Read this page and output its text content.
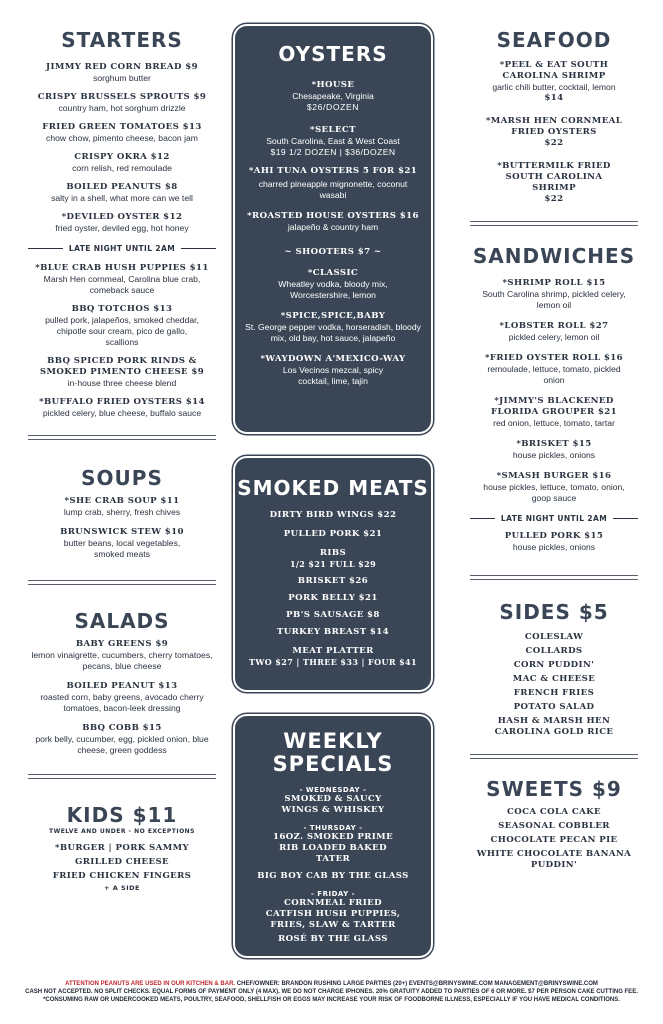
STARTERS
JIMMY RED CORN BREAD $9
sorghum butter
CRISPY BRUSSELS SPROUTS $9
country ham, hot sorghum drizzle
FRIED GREEN TOMATOES $13
chow chow, pimento cheese, bacon jam
CRISPY OKRA $12
corn relish, red remoulade
BOILED PEANUTS $8
salty in a shell, what more can we tell
*DEVILED OYSTER $12
fried oyster, deviled egg, hot honey
LATE NIGHT UNTIL 2AM
*BLUE CRAB HUSH PUPPIES $11
Marsh Hen cornmeal, Carolina blue crab, comeback sauce
BBQ TOTCHOS $13
pulled pork, jalapeños, smoked cheddar, chipotle sour cream, pico de gallo, scallions
BBQ SPICED PORK RINDS & SMOKED PIMENTO CHEESE $9
in-house three cheese blend
*BUFFALO FRIED OYSTERS $14
pickled celery, blue cheese, buffalo sauce
SOUPS
*SHE CRAB SOUP $11
lump crab, sherry, fresh chives
BRUNSWICK STEW $10
butter beans, local vegetables, smoked meats
SALADS
BABY GREENS $9
lemon vinaigrette, cucumbers, cherry tomatoes, pecans, blue cheese
BOILED PEANUT $13
roasted corn, baby greens, avocado cherry tomatoes, bacon-leek dressing
BBQ COBB $15
pork belly, cucumber, egg, pickled onion, blue cheese, green goddess
KIDS $11
TWELVE AND UNDER - NO EXCEPTIONS
*BURGER | PORK SAMMY
GRILLED CHEESE
FRIED CHICKEN FINGERS
+ A SIDE
OYSTERS
*HOUSE
Chesapeake, Virginia
$26/DOZEN
*SELECT
South Carolina, East & West Coast
$19 1/2 DOZEN | $36/DOZEN
*AHI TUNA OYSTERS 5 FOR $21
charred pineapple mignonette, coconut wasabi
*ROASTED HOUSE OYSTERS $16
jalapeño & country ham
~ SHOOTERS $7 ~
*CLASSIC
Wheatley vodka, bloody mix, Worcestershire, lemon
*SPICE,SPICE,BABY
St. George pepper vodka, horseradish, bloody mix, old bay, hot sauce, jalapeño
*WAYDOWN A'MEXICO-WAY
Los Vecinos mezcal, spicy cocktail, lime, tajin
SMOKED MEATS
DIRTY BIRD WINGS $22
PULLED PORK $21
RIBS
1/2 $21 FULL $29
BRISKET $26
PORK BELLY $21
PB'S SAUSAGE $8
TURKEY BREAST $14
MEAT PLATTER
TWO $27 | THREE $33 | FOUR $41
WEEKLY
SPECIALS
- WEDNESDAY -
SMOKED & SAUCY WINGS & WHISKEY
- THURSDAY -
16OZ. SMOKED PRIME RIB LOADED BAKED TATER
BIG BOY CAB BY THE GLASS
- FRIDAY -
CORNMEAL FRIED CATFISH HUSH PUPPIES, FRIES, SLAW & TARTER
ROSÉ BY THE GLASS
SEAFOOD
*PEEL & EAT SOUTH CAROLINA SHRIMP
garlic chili butter, cocktail, lemon
$14
*MARSH HEN CORNMEAL FRIED OYSTERS
$22
*BUTTERMILK FRIED SOUTH CAROLINA SHRIMP
$22
SANDWICHES
*SHRIMP ROLL $15
South Carolina shrimp, pickled celery, lemon oil
*LOBSTER ROLL $27
pickled celery, lemon oil
*FRIED OYSTER ROLL $16
remoulade, lettuce, tomato, pickled onion
*JIMMY'S BLACKENED FLORIDA GROUPER $21
red onion, lettuce, tomato, tartar
*BRISKET $15
house pickles, onions
*SMASH BURGER $16
house pickles, lettuce, tomato, onion, goop sauce
LATE NIGHT UNTIL 2AM
PULLED PORK $15
house pickles, onions
SIDES $5
COLESLAW
COLLARDS
CORN PUDDIN'
MAC & CHEESE
FRENCH FRIES
POTATO SALAD
HASH & MARSH HEN CAROLINA GOLD RICE
SWEETS $9
COCA COLA CAKE
SEASONAL COBBLER
CHOCOLATE PECAN PIE
WHITE CHOCOLATE BANANA PUDDIN'
ATTENTION PEANUTS ARE USED IN OUR KITCHEN & BAR. CHEF/OWNER: BRANDON RUSHING LARGE PARTIES (20+) EVENTS@BRINYSWINE.COM MANAGEMENT@BRINYSWINE.COM
CASH NOT ACCEPTED. NO SPLIT CHECKS. EQUAL FORMS OF PAYMENT ONLY (4 MAX). WE DO NOT CHARGE IPHONES. 20% GRATUITY ADDED TO PARTIES OF 6 OR MORE. $7 PER PERSON CAKE CUTTING FEE.
*CONSUMING RAW OR UNDERCOOKED MEATS, POULTRY, SEAFOOD, SHELLFISH OR EGGS MAY INCREASE YOUR RISK OF FOODBORNE ILLNESS, ESPECIALLY IF YOU HAVE MEDICAL CONDITIONS.
